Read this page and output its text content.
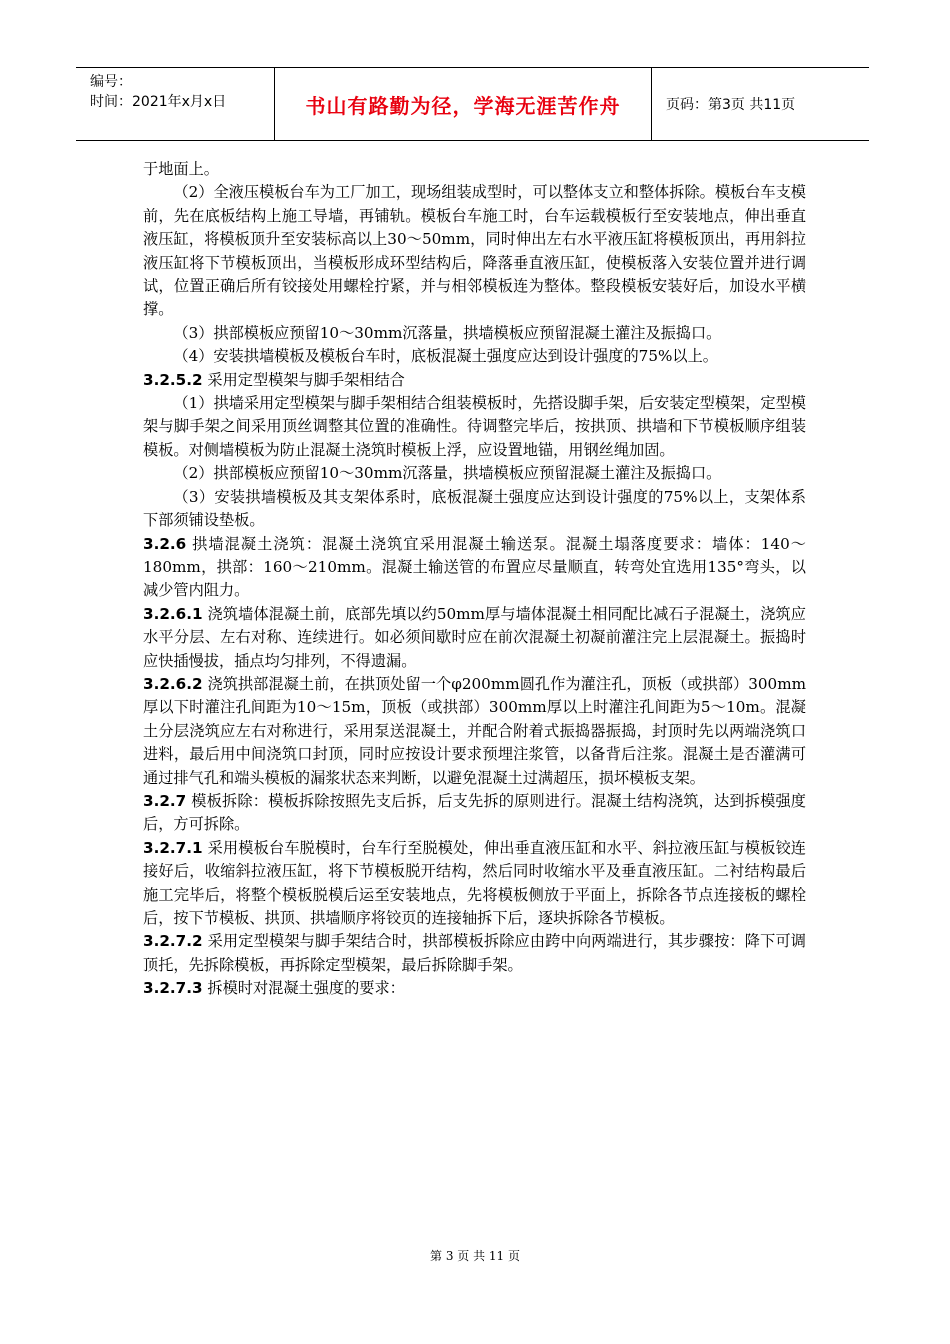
编号：
时间：2021年x月x日	书山有路勤为径，学海无涯苦作舟	页码：第3页 共11页

于地面上。

（2）全液压模板台车为工厂加工，现场组装成型时，可以整体支立和整体拆除。模板台车支模前，先在底板结构上施工导墙，再铺轨。模板台车施工时，台车运载模板行至安装地点，伸出垂直液压缸，将模板顶升至安装标高以上30～50mm，同时伸出左右水平液压缸将模板顶出，再用斜拉液压缸将下节模板顶出，当模板形成环型结构后，降落垂直液压缸，使模板落入安装位置并进行调试，位置正确后所有铰接处用螺栓拧紧，并与相邻模板连为整体。整段模板安装好后，加设水平横撑。

（3）拱部模板应预留10～30mm沉落量，拱墙模板应预留混凝土灌注及振捣口。

（4）安装拱墙模板及模板台车时，底板混凝土强度应达到设计强度的75%以上。

3.2.5.2 采用定型模架与脚手架相结合

（1）拱墙采用定型模架与脚手架相结合组装模板时，先搭设脚手架，后安装定型模架，定型模架与脚手架之间采用顶丝调整其位置的准确性。待调整完毕后，按拱顶、拱墙和下节模板顺序组装模板。对侧墙模板为防止混凝土浇筑时模板上浮，应设置地锚，用钢丝绳加固。

（2）拱部模板应预留10～30mm沉落量，拱墙模板应预留混凝土灌注及振捣口。

（3）安装拱墙模板及其支架体系时，底板混凝土强度应达到设计强度的75%以上，支架体系下部须铺设垫板。

3.2.6 拱墙混凝土浇筑：混凝土浇筑宜采用混凝土输送泵。混凝土塌落度要求：墙体：140～180mm，拱部：160～210mm。混凝土输送管的布置应尽量顺直，转弯处宜选用135°弯头，以减少管内阻力。

3.2.6.1 浇筑墙体混凝土前，底部先填以约50mm厚与墙体混凝土相同配比减石子混凝土，浇筑应水平分层、左右对称、连续进行。如必须间歇时应在前次混凝土初凝前灌注完上层混凝土。振捣时应快插慢拔，插点均匀排列，不得遗漏。

3.2.6.2 浇筑拱部混凝土前，在拱顶处留一个φ200mm圆孔作为灌注孔，顶板（或拱部）300mm厚以下时灌注孔间距为10～15m，顶板（或拱部）300mm厚以上时灌注孔间距为5～10m。混凝土分层浇筑应左右对称进行，采用泵送混凝土，并配合附着式振捣器振捣，封顶时先以两端浇筑口进料，最后用中间浇筑口封顶，同时应按设计要求预埋注浆管，以备背后注浆。混凝土是否灌满可通过排气孔和端头模板的漏浆状态来判断，以避免混凝土过满超压，损坏模板支架。

3.2.7 模板拆除：模板拆除按照先支后拆，后支先拆的原则进行。混凝土结构浇筑，达到拆模强度后，方可拆除。

3.2.7.1 采用模板台车脱模时，台车行至脱模处，伸出垂直液压缸和水平、斜拉液压缸与模板铰连接好后，收缩斜拉液压缸，将下节模板脱开结构，然后同时收缩水平及垂直液压缸。二衬结构最后施工完毕后，将整个模板脱模后运至安装地点，先将模板侧放于平面上，拆除各节点连接板的螺栓后，按下节模板、拱顶、拱墙顺序将铰页的连接轴拆下后，逐块拆除各节模板。

3.2.7.2 采用定型模架与脚手架结合时，拱部模板拆除应由跨中向两端进行，其步骤按：降下可调顶托，先拆除模板，再拆除定型模架，最后拆除脚手架。

3.2.7.3 拆模时对混凝土强度的要求：

第 3 页 共 11 页
